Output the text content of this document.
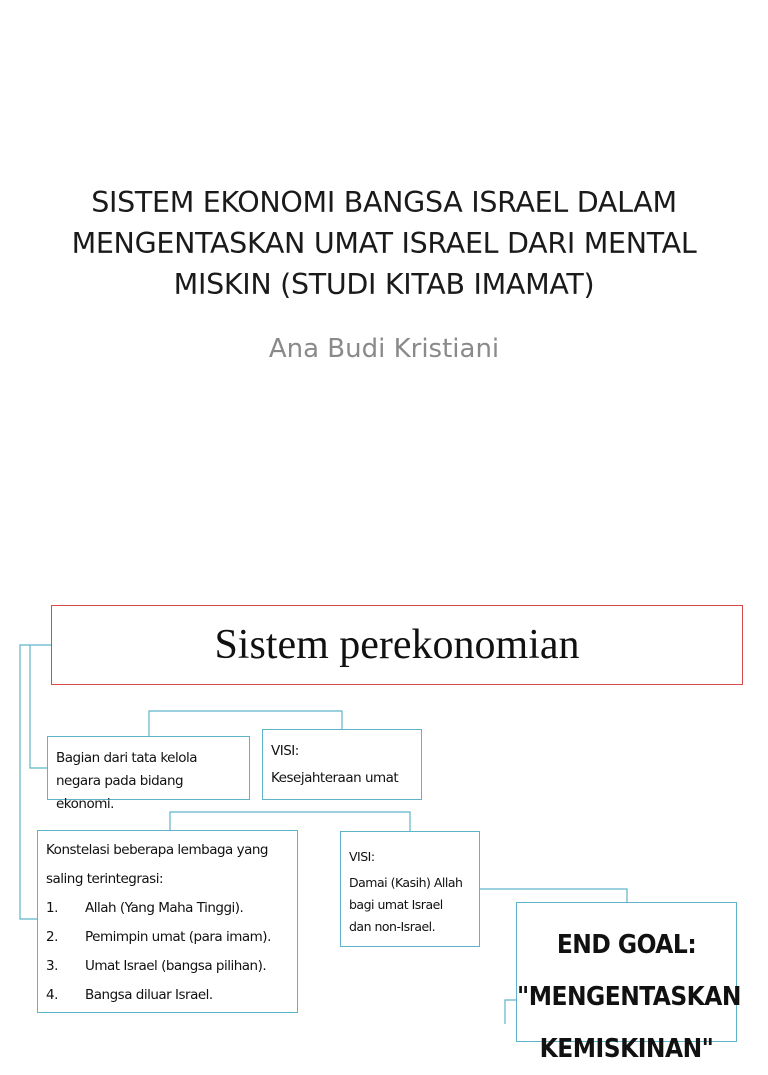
SISTEM EKONOMI BANGSA ISRAEL DALAM MENGENTASKAN UMAT ISRAEL DARI MENTAL MISKIN (STUDI KITAB IMAMAT)
Ana Budi Kristiani
Sistem perekonomian
Bagian dari tata kelola
negara pada bidang ekonomi.
VISI:
Kesejahteraan umat
Konstelasi beberapa lembaga yang
saling terintegrasi:
1.	Allah (Yang Maha Tinggi).
2.	Pemimpin umat (para imam).
3.	Umat Israel (bangsa pilihan).
4.	Bangsa diluar Israel.
VISI:
Damai (Kasih) Allah
bagi umat Israel
dan non-Israel.
END GOAL:
"MENGENTASKAN
KEMISKINAN"
